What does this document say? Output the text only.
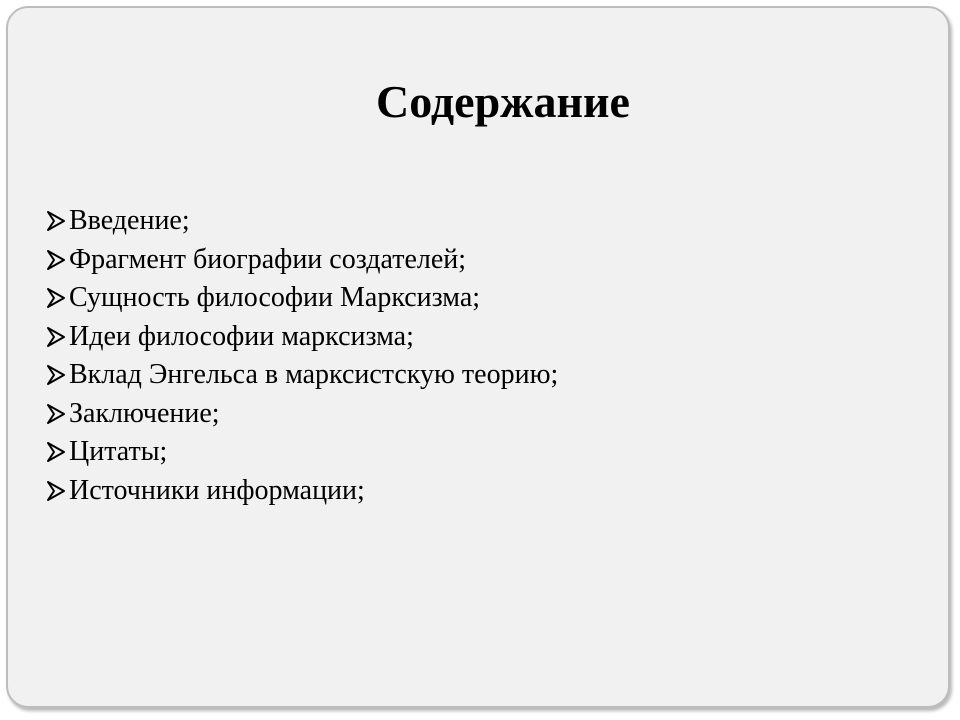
Содержание
Введение;
Фрагмент биографии создателей;
Сущность философии Марксизма;
Идеи философии марксизма;
Вклад Энгельса в марксистскую теорию;
Заключение;
Цитаты;
Источники информации;
